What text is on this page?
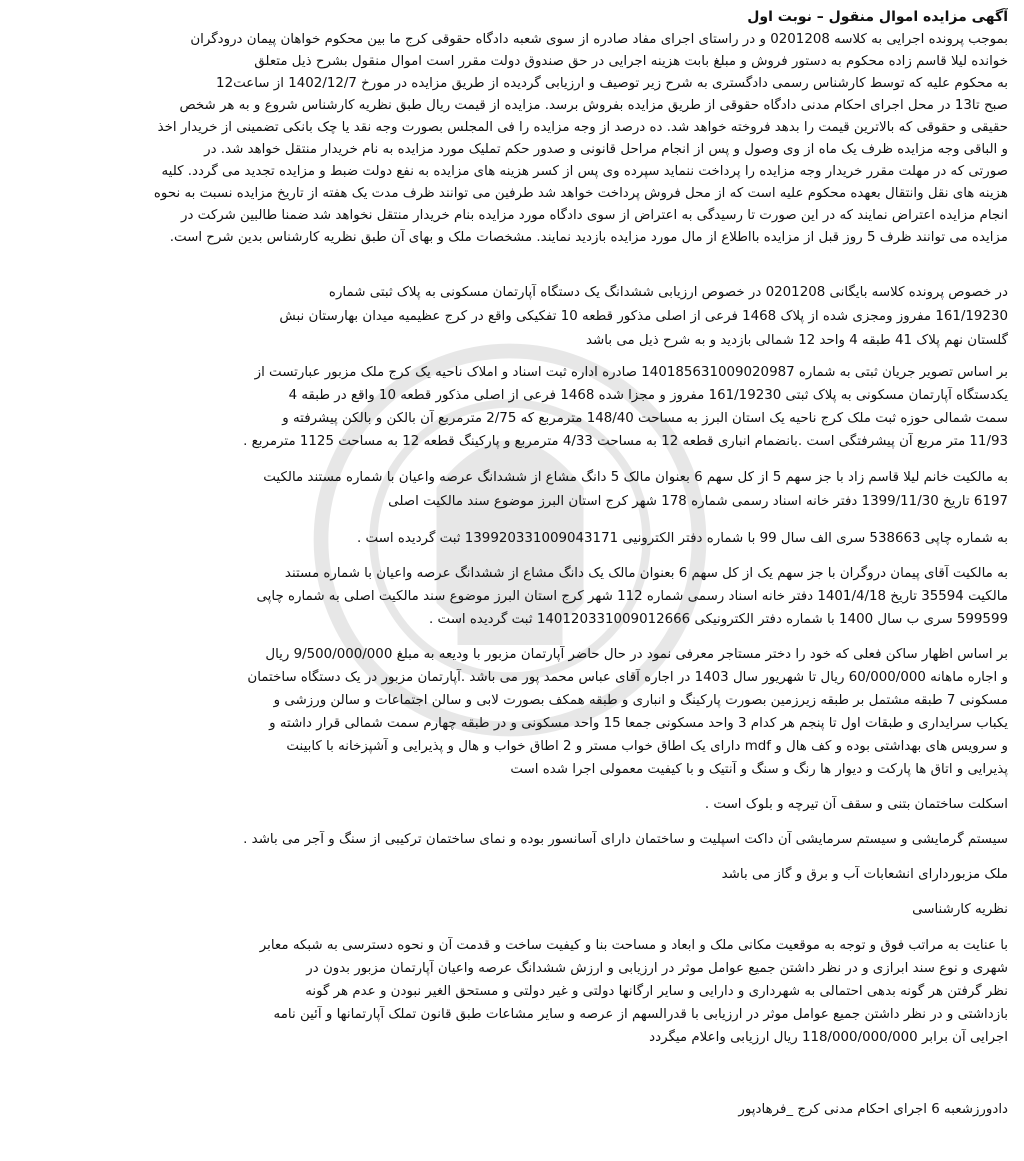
آگهی مزایده اموال منقول – نوبت اول
بموجب پرونده اجرایی به کلاسه 0201208 و در راستای اجرای مفاد صادره از سوی شعبه دادگاه حقوقی کرج ما بین محکوم خواهان پیمان درودگران
خوانده لیلا قاسم زاده محکوم به دستور فروش و مبلغ بابت هزینه اجرایی در حق صندوق دولت مقرر است اموال منقول بشرح ذیل متعلق
به محکوم علیه که توسط کارشناس رسمی دادگستری به شرح زیر توصیف و ارزیابی گردیده از طریق مزایده در مورخ 1402/12/7 از ساعت12
صبح تا13 در محل اجرای احکام مدنی دادگاه حقوقی از طریق مزایده بفروش برسد. مزایده از قیمت ریال طبق نظریه کارشناس شروع و به هر شخص
حقیقی و حقوقی که بالاترین قیمت را بدهد فروخته خواهد شد. ده درصد از وجه مزایده را فی المجلس بصورت وجه نقد یا چک بانکی تضمینی از خریدار اخذ
و الباقی وجه مزایده ظرف یک ماه از وی وصول و پس از انجام مراحل قانونی و صدور حکم تملیک مورد مزایده به نام خریدار منتقل خواهد شد. در
صورتی که در مهلت مقرر خریدار وجه مزایده را پرداخت ننماید سپرده وی پس از کسر هزینه های مزایده به نفع دولت ضبط و مزایده تجدید می گردد. کلیه
هزینه های نقل وانتقال بعهده محکوم علیه است که از محل فروش پرداخت خواهد شد طرفین می توانند ظرف مدت یک هفته از تاریخ مزایده نسبت به نحوه
انجام مزایده اعتراض نمایند که در این صورت تا رسیدگی به اعتراض از سوی دادگاه مورد مزایده بنام خریدار منتقل نخواهد شد ضمنا طالبین شرکت در
مزایده می توانند ظرف 5 روز قبل از مزایده بااطلاع از مال مورد مزایده بازدید نمایند. مشخصات ملک و بهای آن طبق نظریه کارشناس بدین شرح است.
در خصوص پرونده کلاسه بایگانی 0201208 در خصوص ارزیابی ششدانگ یک دستگاه آپارتمان مسکونی به پلاک ثبتی شماره
161/19230 مفروز ومجزی شده از پلاک 1468 فرعی از اصلی مذکور قطعه 10 تفکیکی واقع در کرج عظیمیه میدان بهارستان نبش
گلستان نهم پلاک 41 طبقه 4 واحد 12 شمالی بازدید و به شرح ذیل می باشد
بر اساس تصویر جریان ثبتی به شماره 140185631009020987 صادره اداره ثبت اسناد و املاک ناحیه یک کرج ملک مزبور عبارتست از
یکدستگاه آپارتمان مسکونی به پلاک ثبتی 161/19230 مفروز و مجزا شده 1468 فرعی از اصلی مذکور قطعه 10 واقع در طبقه 4
سمت شمالی حوزه ثبت ملک کرج ناحیه یک استان البرز به مساحت 148/40 مترمربع که 2/75 مترمربع آن بالکن و بالکن پیشرفته و
11/93 متر مربع آن پیشرفتگی است .بانضمام انباری قطعه 12 به مساحت 4/33 مترمربع و پارکینگ قطعه 12 به مساحت 1125 مترمربع .
به مالکیت خانم لیلا قاسم زاد با جز سهم 5 از کل سهم 6 بعنوان مالک 5 دانگ مشاع از ششدانگ عرصه واعیان با شماره مستند مالکیت
6197 تاریخ 1399/11/30 دفتر خانه اسناد رسمی شماره 178 شهر کرج استان البرز موضوع سند مالکیت اصلی
به شماره چاپی 538663 سری الف سال 99 با شماره دفتر الکترونیی 139920331009043171 ثبت گردیده است .
به مالکیت آقای پیمان دروگران با جز سهم یک از کل سهم 6 بعنوان مالک یک دانگ مشاع از ششدانگ عرصه واعیان با شماره مستند
مالکیت 35594 تاریخ 1401/4/18 دفتر خانه اسناد رسمی شماره 112 شهر کرج استان البرز موضوع سند مالکیت اصلی به شماره چاپی
599599 سری ب سال 1400 با شماره دفتر الکترونیکی 140120331009012666 ثبت گردیده است .
بر اساس اظهار ساکن فعلی که خود را دختر مستاجر معرفی نمود در حال حاضر آپارتمان مزبور با ودیعه به مبلغ 9/500/000/000 ریال
و اجاره ماهانه 60/000/000 ریال تا شهریور سال 1403 در اجاره آقای عباس محمد پور می باشد .آپارتمان مزبور در یک دستگاه ساختمان
مسکونی 7 طبقه مشتمل بر طبقه زیرزمین بصورت پارکینگ و انباری و طبقه همکف بصورت لابی و سالن اجتماعات و سالن ورزشی و
یکباب سرایداری و طبقات اول تا پنجم هر کدام 3 واحد مسکونی جمعا 15 واحد مسکونی و در طبقه چهارم سمت شمالی قرار داشته و
و سرویس های بهداشتی بوده و کف هال و mdf دارای یک اطاق خواب مستر و 2 اطاق خواب و هال و پذیرایی و آشپزخانه با کابینت
پذیرایی و اتاق ها پارکت و دیوار ها رنگ و سنگ و آنتیک و با کیفیت معمولی اجرا شده است
اسکلت ساختمان بتنی و سقف آن تیرچه و بلوک است .
سیستم گرمایشی و سیستم سرمایشی آن داکت اسپلیت و ساختمان دارای آسانسور بوده و نمای ساختمان ترکیبی از سنگ و آجر می باشد .
ملک مزبوردارای انشعابات آب و برق و گاز می باشد
نظریه کارشناسی
با عنایت به مراتب فوق و توجه به موقعیت مکانی ملک و ابعاد و مساحت بنا و کیفیت ساخت و قدمت آن و نحوه دسترسی به شبکه معابر
شهری و نوع سند ابرازی و در نظر داشتن جمیع عوامل موثر در ارزیابی و ارزش ششدانگ عرصه واعیان آپارتمان مزبور بدون در
نظر گرفتن هر گونه بدهی احتمالی به شهرداری و دارایی و سایر ارگانها دولتی و غیر دولتی و مستحق الغیر نبودن و عدم هر گونه
بازداشتی و در نظر داشتن جمیع عوامل موثر در ارزیابی با قدرالسهم از عرصه و سایر مشاعات طبق قانون تملک آپارتمانها و آئین نامه
اجرایی آن برابر 118/000/000/000 ریال ارزیابی واعلام میگردد
دادورزشعبه 6 اجرای احکام مدنی کرج _فرهادپور
